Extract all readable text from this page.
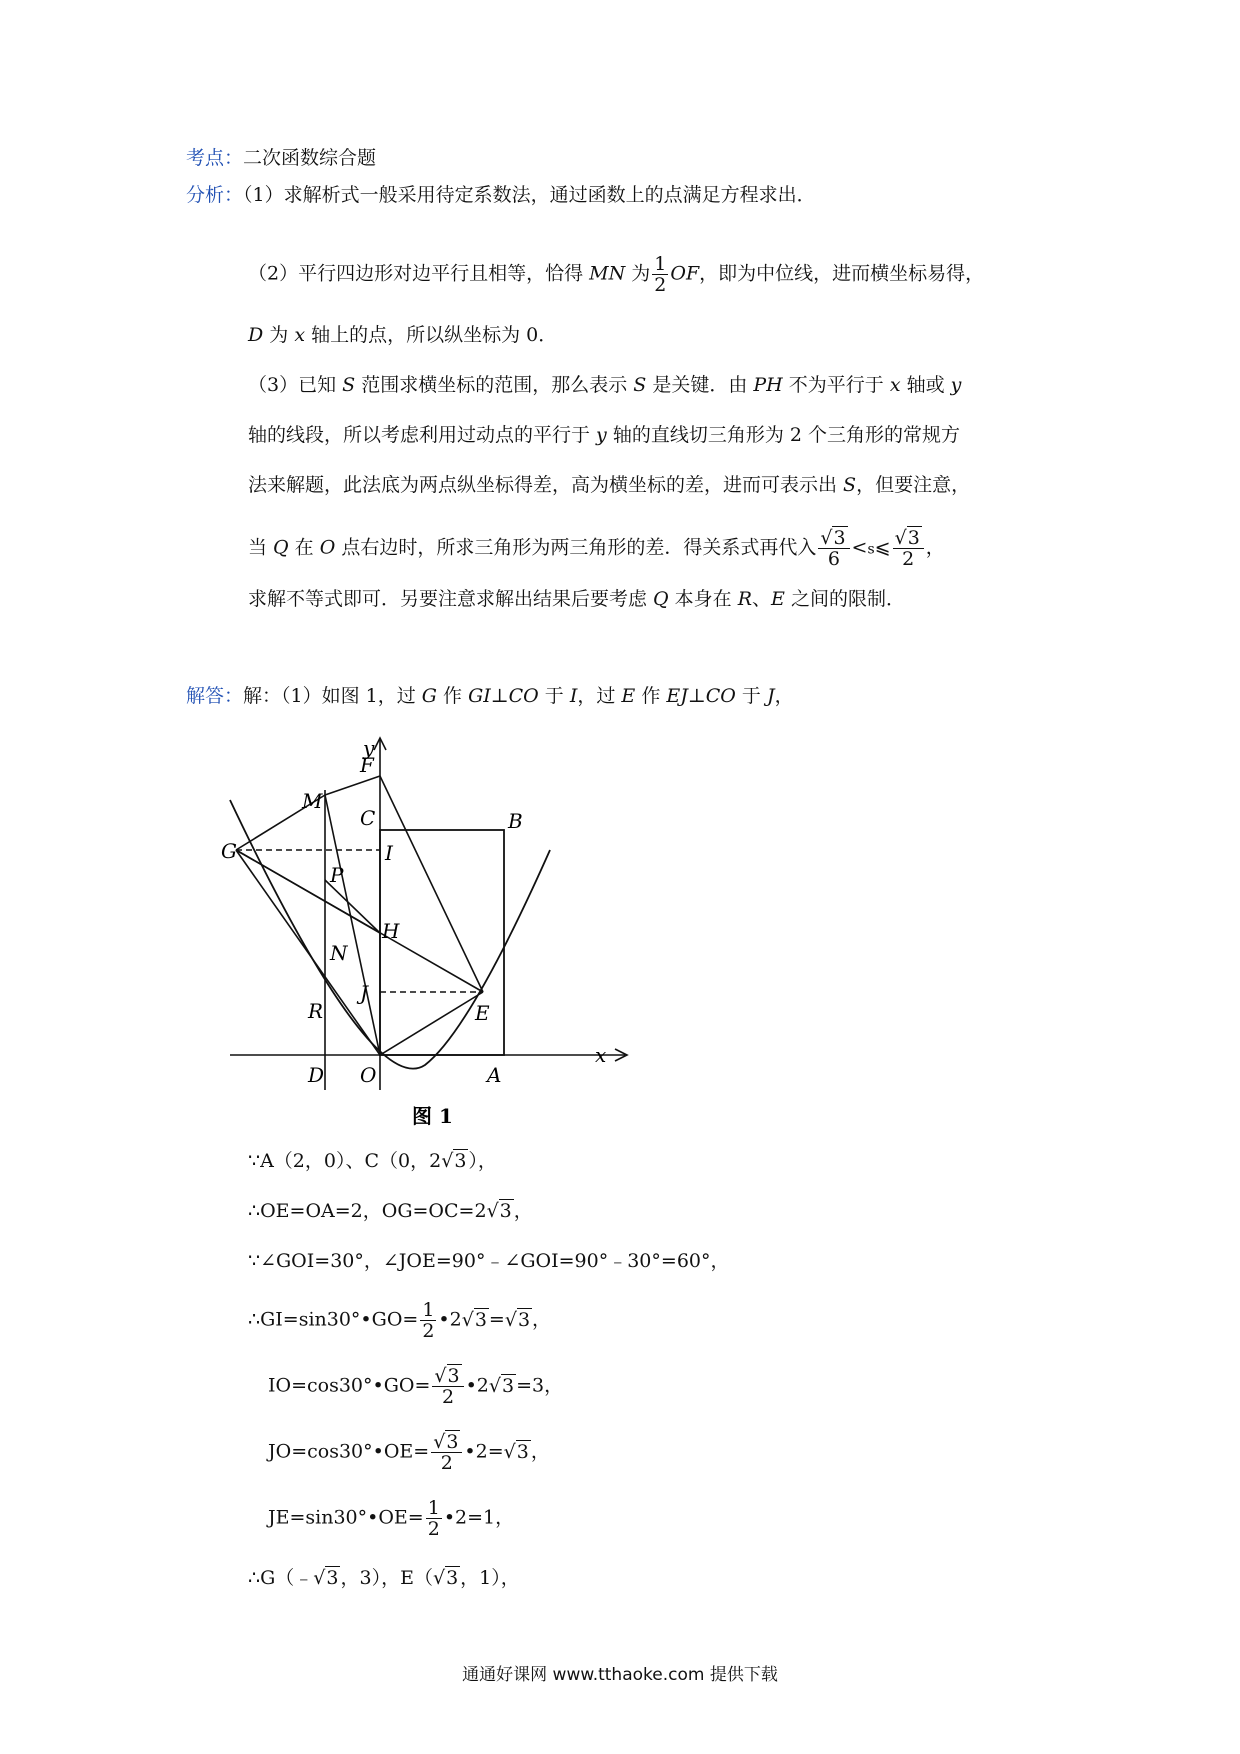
考点：二次函数综合题
分析：（1）求解析式一般采用待定系数法，通过函数上的点满足方程求出．
（2）平行四边形对边平行且相等，恰得 MN 为 $\frac{1}{2}$ OF，即为中位线，进而横坐标易得，
D 为 x 轴上的点，所以纵坐标为 0．
（3）已知 S 范围求横坐标的范围，那么表示 S 是关键．由 PH 不为平行于 x 轴或 y
轴的线段，所以考虑利用过动点的平行于 y 轴的直线切三角形为 2 个三角形的常规方
法来解题，此法底为两点纵坐标得差，高为横坐标的差，进而可表示出 S，但要注意，
当 Q 在 O 点右边时，所求三角形为两三角形的差．得关系式再代入 √ $\frac{3}{6}$ <s⩽ √ $\frac{3}{2}$ ，
求解不等式即可．另要注意求解出结果后要考虑 Q 本身在 R、E 之间的限制．
解答：解：（1）如图 1，过 G 作 GI⊥CO 于 I，过 E 作 EJ⊥CO 于 J，
x
y
F
M
C	B
G	I
P
H
N
J
E
R
D O	A
图 1
∵A（2，0）、C（0，2 √ 3 ），
∴OE=OA=2，OG=OC=2 √ 3 ，
∵∠GOI=30°，∠JOE=90°﹣∠GOI=90°﹣30°=60°，
∴GI=sin30°•GO= $\frac{1}{2}$ •2 √ 3 = √ 3 ，
IO=cos30°•GO= √ $\frac{3}{2}$ •2 √ 3 =3，
JO=cos30°•OE= √ $\frac{3}{2}$ •2= √ 3 ，
JE=sin30°•OE= $\frac{1}{2}$ •2=1，
∴G（﹣ √ 3 ，3），E（ √ 3 ，1），
通通好课网 www.tthaoke.com 提供下载
